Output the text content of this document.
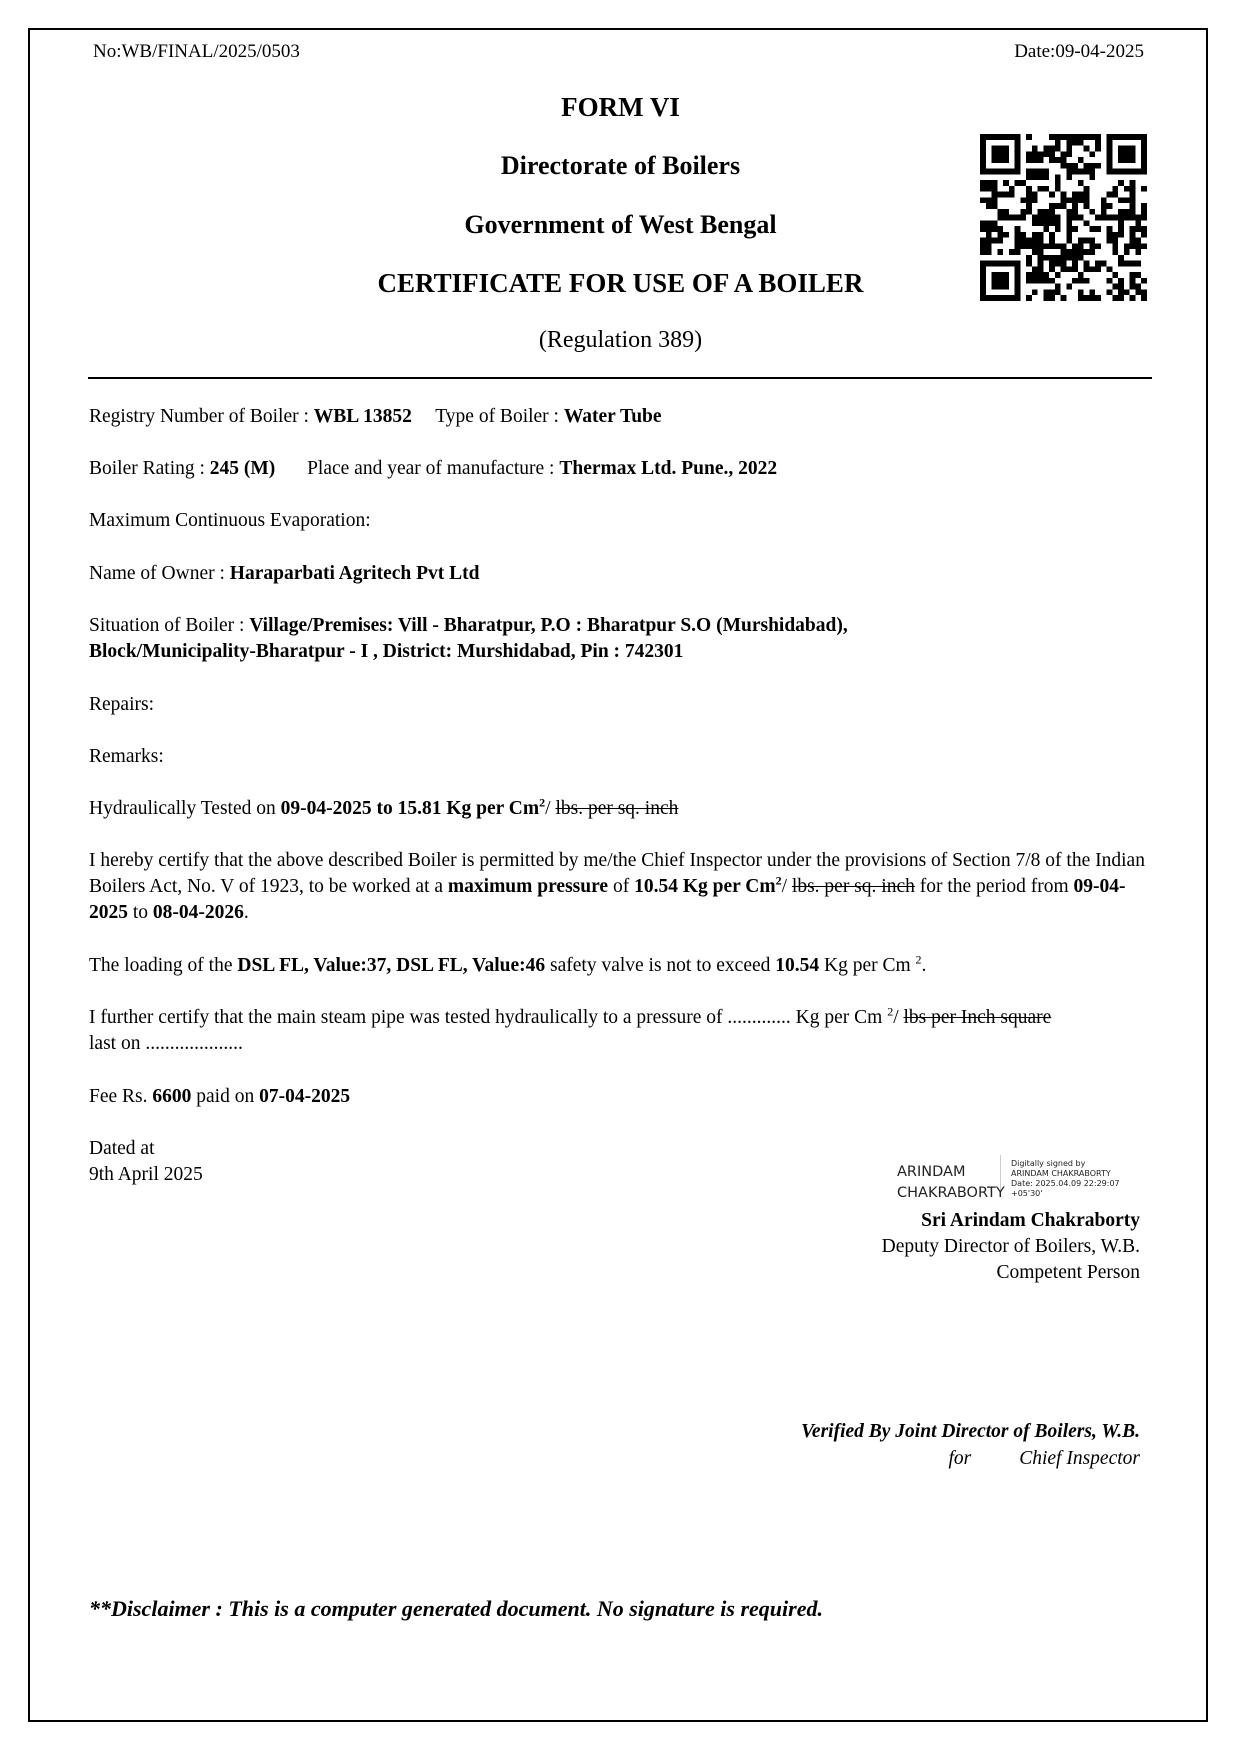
No:WB/FINAL/2025/0503	Date:09-04-2025
FORM VI
Directorate of Boilers
Government of West Bengal
CERTIFICATE FOR USE OF A BOILER
(Regulation 389)
Registry Number of Boiler : WBL 13852 Type of Boiler : Water Tube
Boiler Rating : 245 (M) Place and year of manufacture : Thermax Ltd. Pune., 2022
Maximum Continuous Evaporation:
Name of Owner : Haraparbati Agritech Pvt Ltd
Situation of Boiler : Village/Premises: Vill - Bharatpur, P.O : Bharatpur S.O (Murshidabad),
Block/Municipality-Bharatpur - I , District: Murshidabad, Pin : 742301
Repairs:
Remarks:
Hydraulically Tested on 09-04-2025 to 15.81 Kg per Cm$^2$/ lbs. per sq. inch
I hereby certify that the above described Boiler is permitted by me/the Chief Inspector under the provisions of Section 7/8 of the Indian Boilers Act, No. V of 1923, to be worked at a maximum pressure of 10.54 Kg per Cm$^2$/ lbs. per sq. inch for the period from 09-04-2025 to 08-04-2026.
The loading of the DSL FL, Value:37, DSL FL, Value:46 safety valve is not to exceed 10.54 Kg per Cm $^2$.
I further certify that the main steam pipe was tested hydraulically to a pressure of ............. Kg per Cm $^2$/ lbs per Inch square
last on ....................
Fee Rs. 6600 paid on 07-04-2025
Dated at
9th April 2025	ARINDAM
CHAKRABORTY
Digitally signed by
ARINDAM CHAKRABORTY
Date: 2025.04.09 22:29:07
+05'30'
Sri Arindam Chakraborty
Deputy Director of Boilers, W.B.
Competent Person
Verified By Joint Director of Boilers, W.B.
for Chief Inspector
**Disclaimer : This is a computer generated document. No signature is required.
